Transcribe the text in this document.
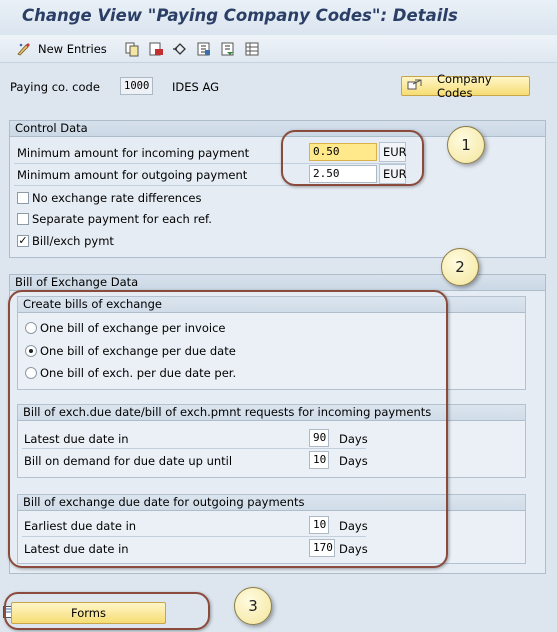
Change View "Paying Company Codes": Details
New Entries
Paying co. code	1000	IDES AG
Company Codes
Control Data
Minimum amount for incoming payment	0.50	EUR
Minimum amount for outgoing payment	2.50	EUR
No exchange rate differences
Separate payment for each ref.
✓ Bill/exch pymt
Bill of Exchange Data
Create bills of exchange
One bill of exchange per invoice
One bill of exchange per due date
One bill of exch. per due date per.
Bill of exch.due date/bill of exch.pmnt requests for incoming payments
Latest due date in	90 Days
Bill on demand for due date up until	10 Days
Bill of exchange due date for outgoing payments
Earliest due date in	10 Days
Latest due date in	170 Days
Forms
1
2
3
